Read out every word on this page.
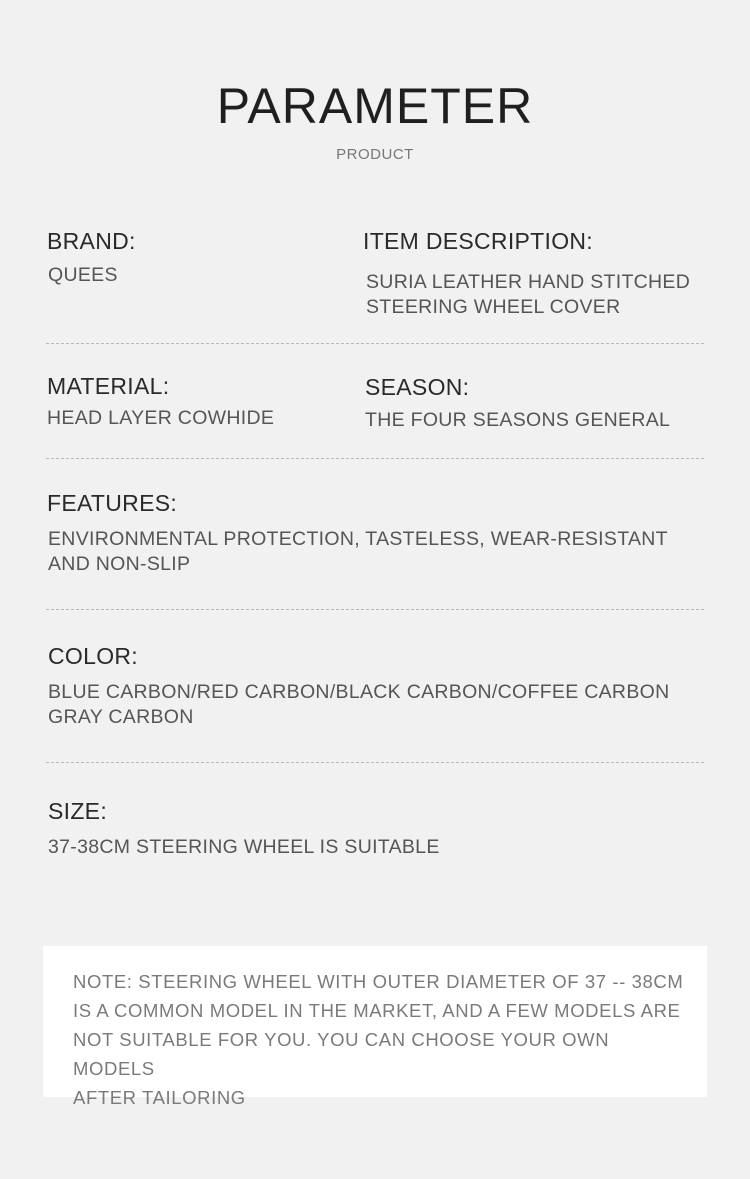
PARAMETER
PRODUCT
BRAND:
QUEES
ITEM DESCRIPTION:
SURIA LEATHER HAND STITCHED
STEERING WHEEL COVER
MATERIAL:
HEAD LAYER COWHIDE
SEASON:
THE FOUR SEASONS GENERAL
FEATURES:
ENVIRONMENTAL PROTECTION, TASTELESS, WEAR-RESISTANT
AND NON-SLIP
COLOR:
BLUE CARBON/RED CARBON/BLACK CARBON/COFFEE CARBON
GRAY CARBON
SIZE:
37-38CM STEERING WHEEL IS SUITABLE
NOTE: STEERING WHEEL WITH OUTER DIAMETER OF 37 -- 38CM
IS A COMMON MODEL IN THE MARKET, AND A FEW MODELS ARE
NOT SUITABLE FOR YOU. YOU CAN CHOOSE YOUR OWN MODELS
AFTER TAILORING
